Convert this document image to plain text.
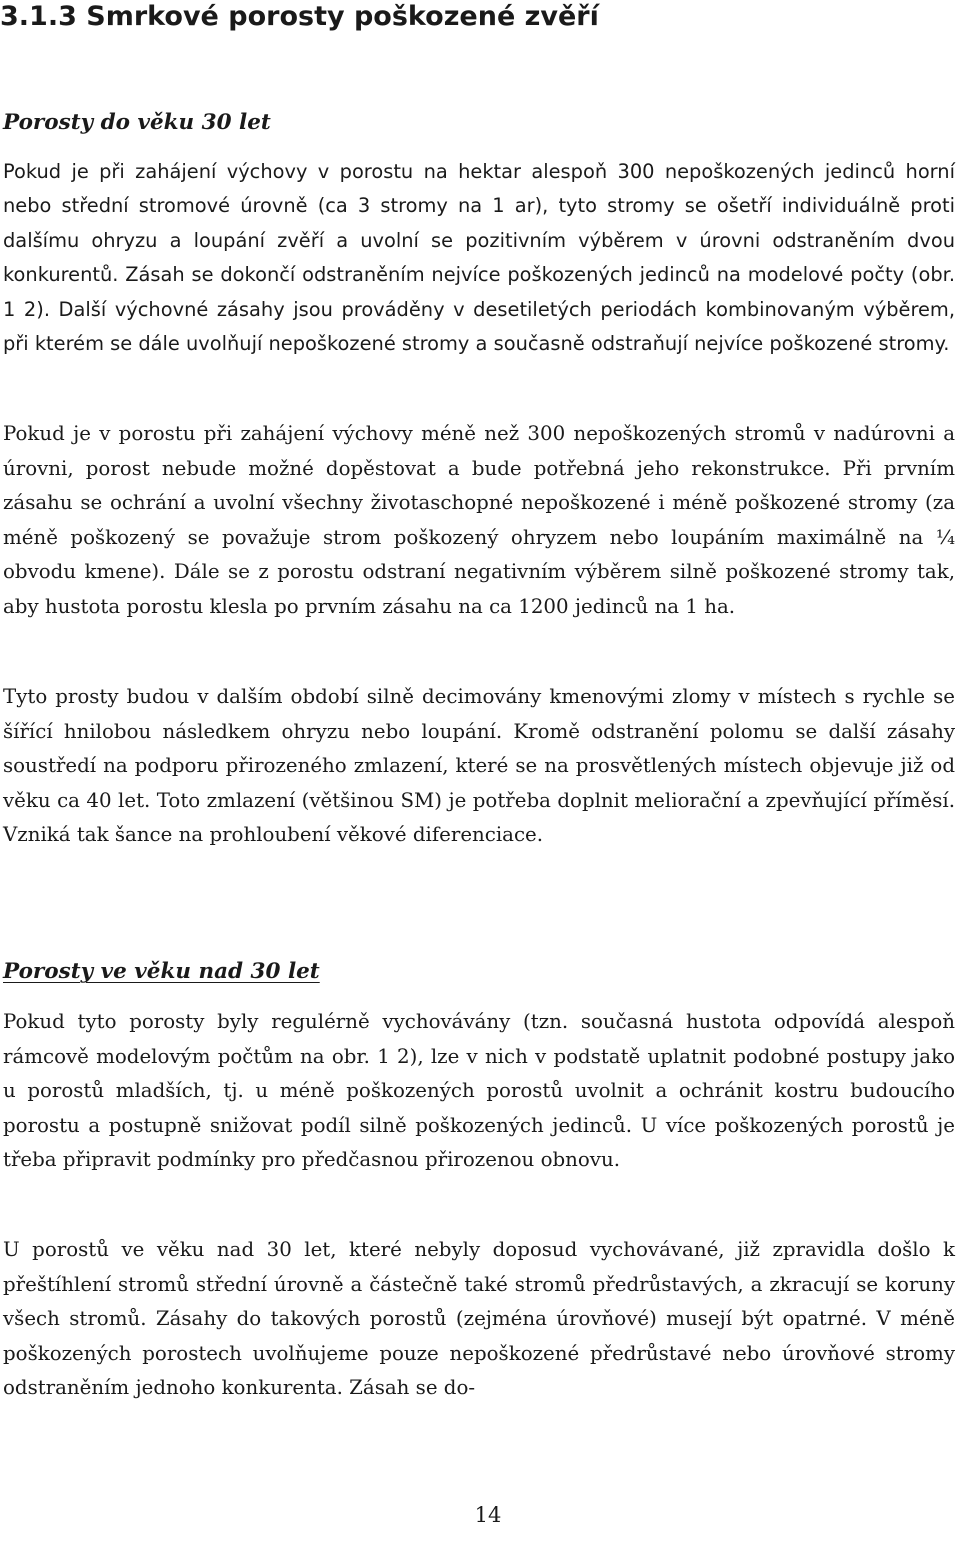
3.1.3 Smrkové porosty poškozené zvěří
Porosty do věku 30 let

Pokud je při zahájení výchovy v porostu na hektar alespoň 300 nepoškozených jedinců horní nebo střední stromové úrovně (ca 3 stromy na 1 ar), tyto stromy se ošetří individuálně proti dalšímu ohryzu a loupání zvěří a uvolní se pozitivním výběrem v úrovni odstraněním dvou konkurentů. Zásah se dokončí odstraněním nejvíce poškozených jedinců na modelové počty (obr. 1 2). Další výchovné zásahy jsou prováděny v desetiletých periodách kombinovaným výběrem, při kterém se dále uvolňují nepoškozené stromy a současně odstraňují nejvíce poškozené stromy.

Pokud je v porostu při zahájení výchovy méně než 300 nepoškozených stromů v nadúrovni a úrovni, porost nebude možné dopěstovat a bude potřebná jeho rekonstrukce. Při prvním zásahu se ochrání a uvolní všechny životaschopné nepoškozené i méně poškozené stromy (za méně poškozený se považuje strom poškozený ohryzem nebo loupáním maximálně na ¼ obvodu kmene). Dále se z porostu odstraní negativním výběrem silně poškozené stromy tak, aby hustota porostu klesla po prvním zásahu na ca 1200 jedinců na 1 ha.

Tyto prosty budou v dalším období silně decimovány kmenovými zlomy v místech s rychle se šířící hnilobou následkem ohryzu nebo loupání. Kromě odstranění polomu se další zásahy soustředí na podporu přirozeného zmlazení, které se na prosvětlených místech objevuje již od věku ca 40 let. Toto zmlazení (většinou SM) je potřeba doplnit meliorační a zpevňující příměsí. Vzniká tak šance na prohloubení věkové diferenciace.

Porosty ve věku nad 30 let

Pokud tyto porosty byly regulérně vychovávány (tzn. současná hustota odpovídá alespoň rámcově modelovým počtům na obr. 1 2), lze v nich v podstatě uplatnit podobné postupy jako u porostů mladších, tj. u méně poškozených porostů uvolnit a ochránit kostru budoucího porostu a postupně snižovat podíl silně poškozených jedinců. U více poškozených porostů je třeba připravit podmínky pro předčasnou přirozenou obnovu.

U porostů ve věku nad 30 let, které nebyly doposud vychovávané, již zpravidla došlo k přeštíhlení stromů střední úrovně a částečně také stromů předrůstavých, a zkracují se koruny všech stromů. Zásahy do takových porostů (zejména úrovňové) musejí být opatrné. V méně poškozených porostech uvolňujeme pouze nepoškozené předrůstavé nebo úrovňové stromy odstraněním jednoho konkurenta. Zásah se do-

14
